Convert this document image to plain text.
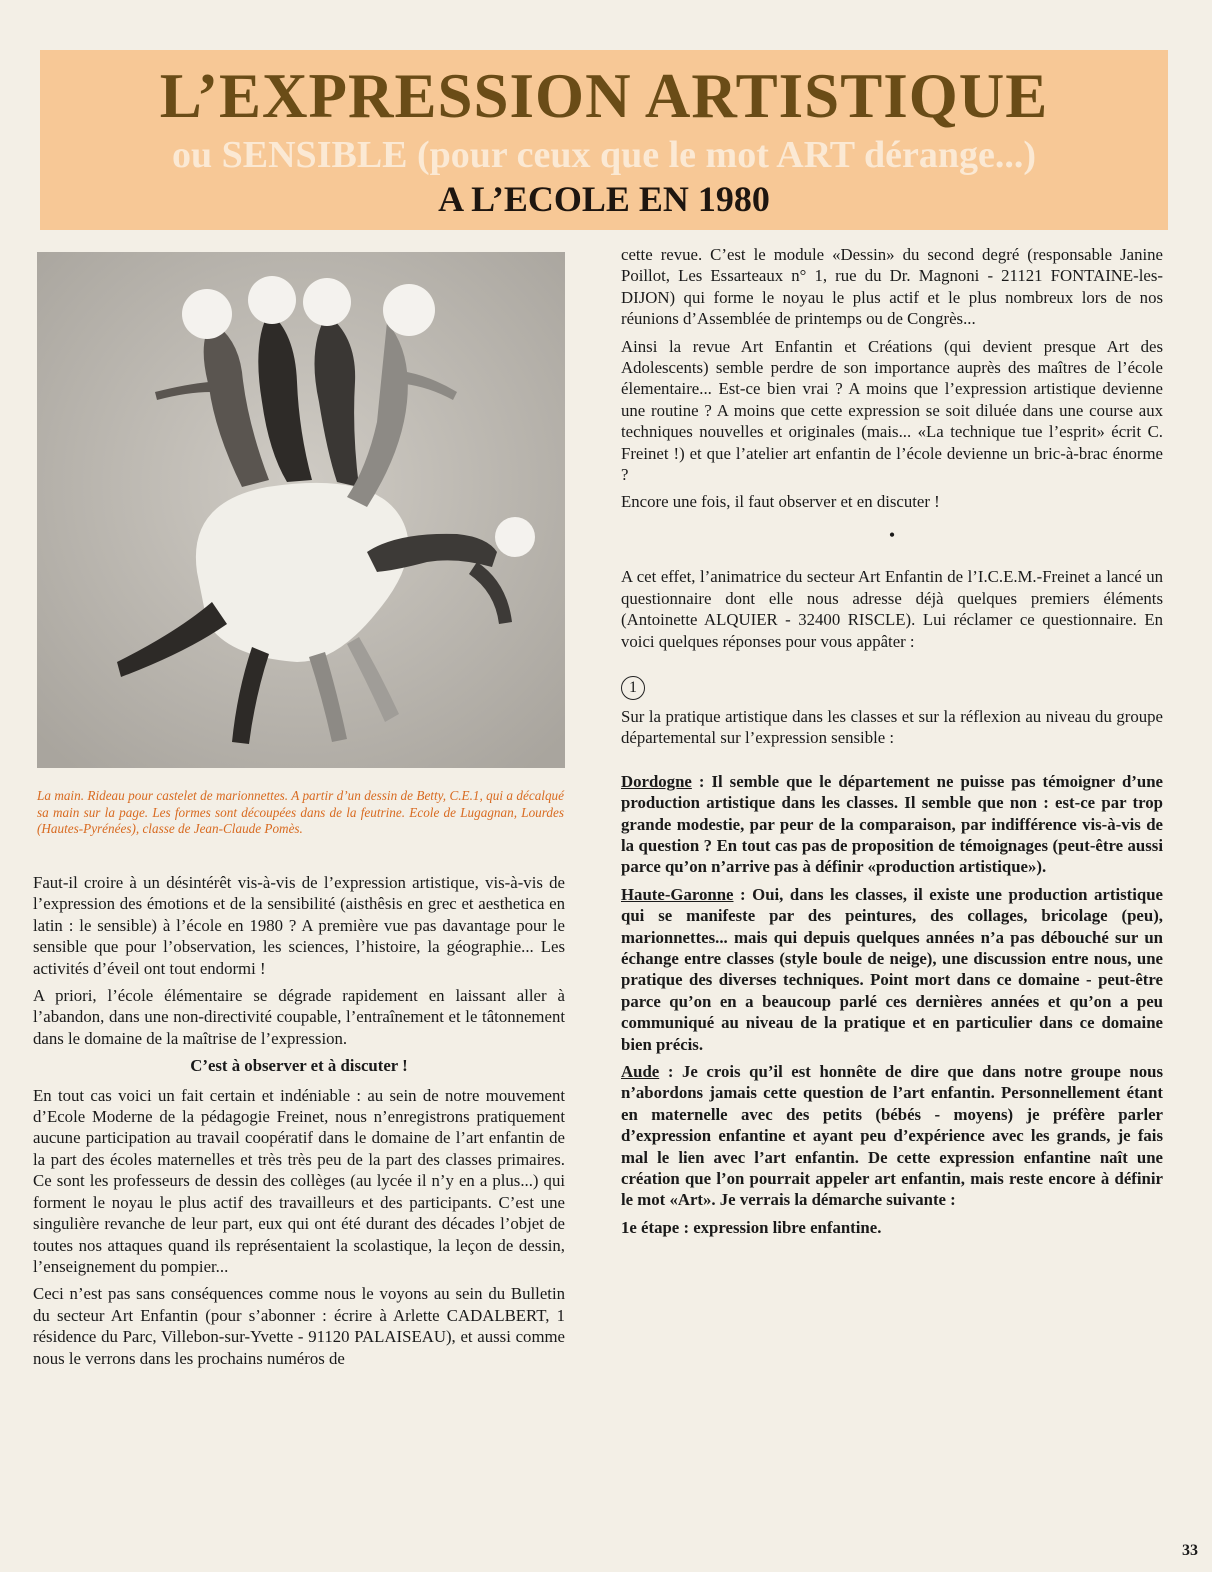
L’EXPRESSION ARTISTIQUE
ou SENSIBLE (pour ceux que le mot ART dérange...)
A L’ECOLE EN 1980
La main. Rideau pour castelet de marionnettes. A partir d’un dessin de Betty, C.E.1, qui a décalqué sa main sur la page. Les formes sont découpées dans de la feutrine. Ecole de Lugagnan, Lourdes (Hautes-Pyrénées), classe de Jean-Claude Pomès.

Faut-il croire à un désintérêt vis-à-vis de l’expression artistique, vis-à-vis de l’expression des émotions et de la sensibilité (aisthêsis en grec et aesthetica en latin : le sensible) à l’école en 1980 ? A première vue pas davantage pour le sensible que pour l’observation, les sciences, l’histoire, la géographie... Les activités d’éveil ont tout endormi !

A priori, l’école élémentaire se dégrade rapidement en laissant aller à l’abandon, dans une non-directivité coupable, l’entraînement et le tâtonnement dans le domaine de la maîtrise de l’expression.

C’est à observer et à discuter !

En tout cas voici un fait certain et indéniable : au sein de notre mouvement d’Ecole Moderne de la pédagogie Freinet, nous n’enregistrons pratiquement aucune participation au travail coopératif dans le domaine de l’art enfantin de la part des écoles maternelles et très très peu de la part des classes primaires. Ce sont les professeurs de dessin des collèges (au lycée il n’y en a plus...) qui forment le noyau le plus actif des travailleurs et des participants. C’est une singulière revanche de leur part, eux qui ont été durant des décades l’objet de toutes nos attaques quand ils représentaient la scolastique, la leçon de dessin, l’enseignement du pompier...

Ceci n’est pas sans conséquences comme nous le voyons au sein du Bulletin du secteur Art Enfantin (pour s’abonner : écrire à Arlette CADALBERT, 1 résidence du Parc, Villebon-sur-Yvette - 91120 PALAISEAU), et aussi comme nous le verrons dans les prochains numéros de

cette revue. C’est le module «Dessin» du second degré (responsable Janine Poillot, Les Essarteaux n° 1, rue du Dr. Magnoni - 21121 FONTAINE-les-DIJON) qui forme le noyau le plus actif et le plus nombreux lors de nos réunions d’Assemblée de printemps ou de Congrès...

Ainsi la revue Art Enfantin et Créations (qui devient presque Art des Adolescents) semble perdre de son importance auprès des maîtres de l’école élementaire... Est-ce bien vrai ? A moins que l’expression artistique devienne une routine ? A moins que cette expression se soit diluée dans une course aux techniques nouvelles et originales (mais... «La technique tue l’esprit» écrit C. Freinet !) et que l’atelier art enfantin de l’école devienne un bric-à-brac énorme ?

Encore une fois, il faut observer et en discuter !

•

A cet effet, l’animatrice du secteur Art Enfantin de l’I.C.E.M.-Freinet a lancé un questionnaire dont elle nous adresse déjà quelques premiers éléments (Antoinette ALQUIER - 32400 RISCLE). Lui réclamer ce questionnaire. En voici quelques réponses pour vous appâter :

1

Sur la pratique artistique dans les classes et sur la réflexion au niveau du groupe départemental sur l’expression sensible :

Dordogne : Il semble que le département ne puisse pas témoigner d’une production artistique dans les classes. Il semble que non : est-ce par trop grande modestie, par peur de la comparaison, par indifférence vis-à-vis de la question ? En tout cas pas de proposition de témoignages (peut-être aussi parce qu’on n’arrive pas à définir «production artistique»).

Haute-Garonne : Oui, dans les classes, il existe une production artistique qui se manifeste par des peintures, des collages, bricolage (peu), marionnettes... mais qui depuis quelques années n’a pas débouché sur un échange entre classes (style boule de neige), une discussion entre nous, une pratique des diverses techniques. Point mort dans ce domaine - peut-être parce qu’on en a beaucoup parlé ces dernières années et qu’on a peu communiqué au niveau de la pratique et en particulier dans ce domaine bien précis.

Aude : Je crois qu’il est honnête de dire que dans notre groupe nous n’abordons jamais cette question de l’art enfantin. Personnellement étant en maternelle avec des petits (bébés - moyens) je préfère parler d’expression enfantine et ayant peu d’expérience avec les grands, je fais mal le lien avec l’art enfantin. De cette expression enfantine naît une création que l’on pourrait appeler art enfantin, mais reste encore à définir le mot «Art». Je verrais la démarche suivante :

1e étape : expression libre enfantine.

33
